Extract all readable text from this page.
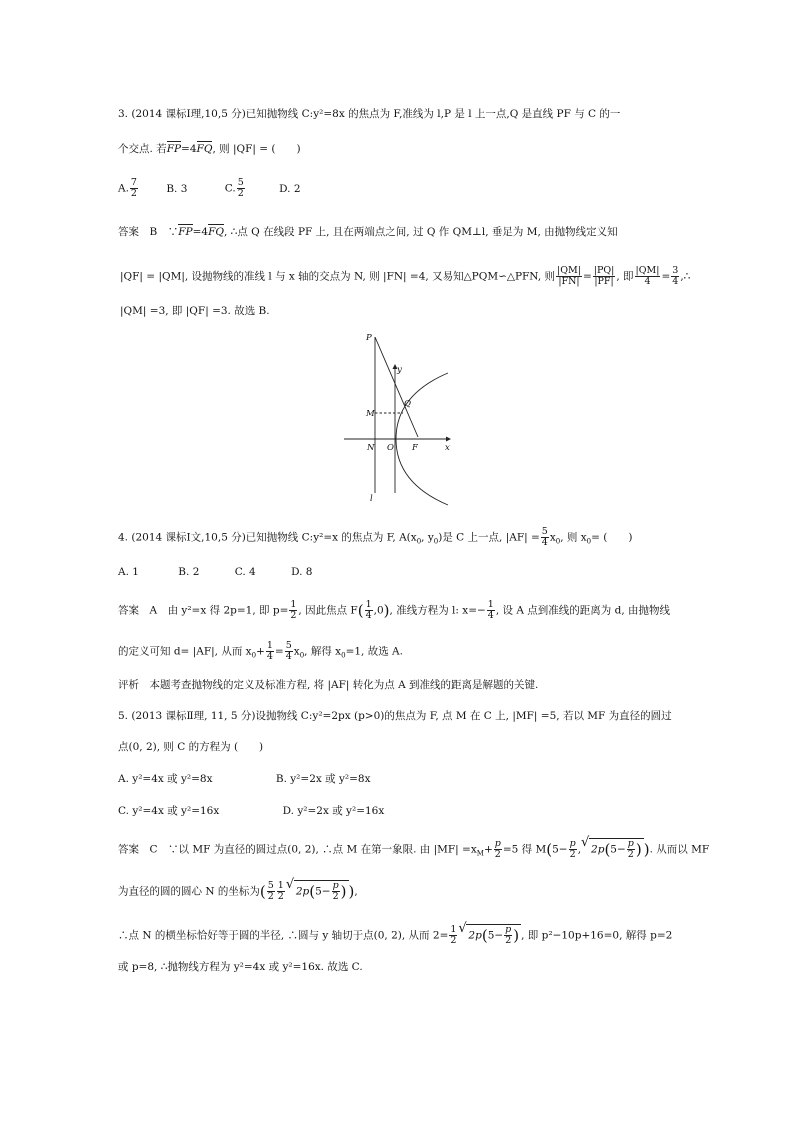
3. (2014 课标Ⅰ理,10,5 分)已知抛物线 C:y²=8x 的焦点为 F,准线为 l,P 是 l 上一点,Q 是直线 PF 与 C 的一
个交点. 若FP=4FQ, 则 |QF| = (　　)
A. $\frac{7}{2}$	B. 3	C. $\frac{5}{2}$	D. 2
答案　B　∵FP=4FQ, ∴点 Q 在线段 PF 上, 且在两端点之间, 过 Q 作 QM⊥l, 垂足为 M, 由抛物线定义知
|QF| = |QM|, 设抛物线的准线 l 与 x 轴的交点为 N, 则 |FN| =4, 又易知△PQM∽△PFN, 则 $\frac{|QM|}{|FN|} = \frac{|PQ|}{|PF|}$ , 即 $\frac{|QM|}{4} = \frac{3}{4}$ ,∴
|QM| =3, 即 |QF| =3. 故选 B.
P
y
M
Q
N O F	x
l
4. (2014 课标Ⅰ文,10,5 分)已知抛物线 C:y²=x 的焦点为 F, $A(x_0$, $y_0$)是 C 上一点, $|AF| = \frac{5}{4} x_0$, 则 $x_0=$ (　　)
A. 1	B. 2	C. 4	D. 8
答案　A　由 y²=x 得 2p=1, 即 $p= \frac{1}{2}$ , 因此焦点 $F( \frac{1}{4} ,0)$, 准线方程为 l: $x=- \frac{1}{4}$ , 设 A 点到准线的距离为 d, 由抛物线
的定义可知 d= |AF|, 从而 $x_0+ \frac{1}{4} = \frac{5}{4} x_0$, 解得 $x_0=1$, 故选 A.
评析　本题考查抛物线的定义及标准方程, 将 |AF| 转化为点 A 到准线的距离是解题的关键.
5. (2013 课标Ⅱ理, 11, 5 分)设抛物线 C:y²=2px (p>0)的焦点为 F, 点 M 在 C 上, |MF| =5, 若以 MF 为直径的圆过
点(0, 2), 则 C 的方程为 (　　)
A. y²=4x 或 y²=8x	B. y²=2x 或 y²=8x
C. y²=4x 或 y²=16x	D. y²=2x 或 y²=16x
答案　C　∵以 MF 为直径的圆过点(0, 2), ∴点 M 在第一象限. 由 $|MF| =x_M+ \frac{p}{2} =5$ 得 $M(5- \frac{p}{2}$ , √ $2p(5- \frac{p}{2}$ ) ). 从而以 MF
为直径的圆的圆心 N 的坐标为( $\frac{5}{2} \frac{1}{2}$ √ $2p(5- \frac{p}{2}$ ) ),
∴点 N 的横坐标恰好等于圆的半径, ∴圆与 y 轴切于点(0, 2), 从而 $2= \frac{1}{2}$ √ $2p(5- \frac{p}{2}$ ) , 即 p²−10p+16=0, 解得 p=2
或 p=8, ∴抛物线方程为 y²=4x 或 y²=16x. 故选 C.
